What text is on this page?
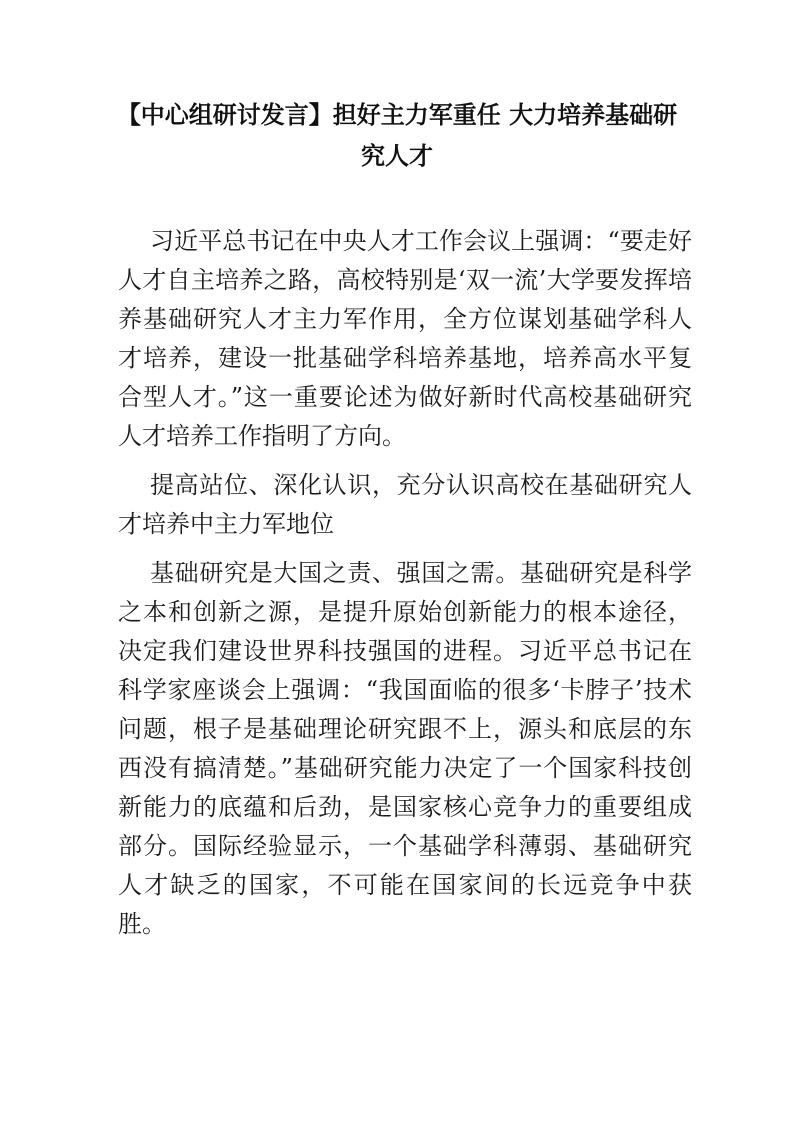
【中心组研讨发言】担好主力军重任 大力培养基础研究人才

习近平总书记在中央人才工作会议上强调：“要走好人才自主培养之路，高校特别是‘双一流’大学要发挥培养基础研究人才主力军作用，全方位谋划基础学科人才培养，建设一批基础学科培养基地，培养高水平复合型人才。”这一重要论述为做好新时代高校基础研究人才培养工作指明了方向。

提高站位、深化认识，充分认识高校在基础研究人才培养中主力军地位

基础研究是大国之责、强国之需。基础研究是科学之本和创新之源，是提升原始创新能力的根本途径，决定我们建设世界科技强国的进程。习近平总书记在科学家座谈会上强调：“我国面临的很多‘卡脖子’技术问题，根子是基础理论研究跟不上，源头和底层的东西没有搞清楚。”基础研究能力决定了一个国家科技创新能力的底蕴和后劲，是国家核心竞争力的重要组成部分。国际经验显示，一个基础学科薄弱、基础研究人才缺乏的国家，不可能在国家间的长远竞争中获胜。
